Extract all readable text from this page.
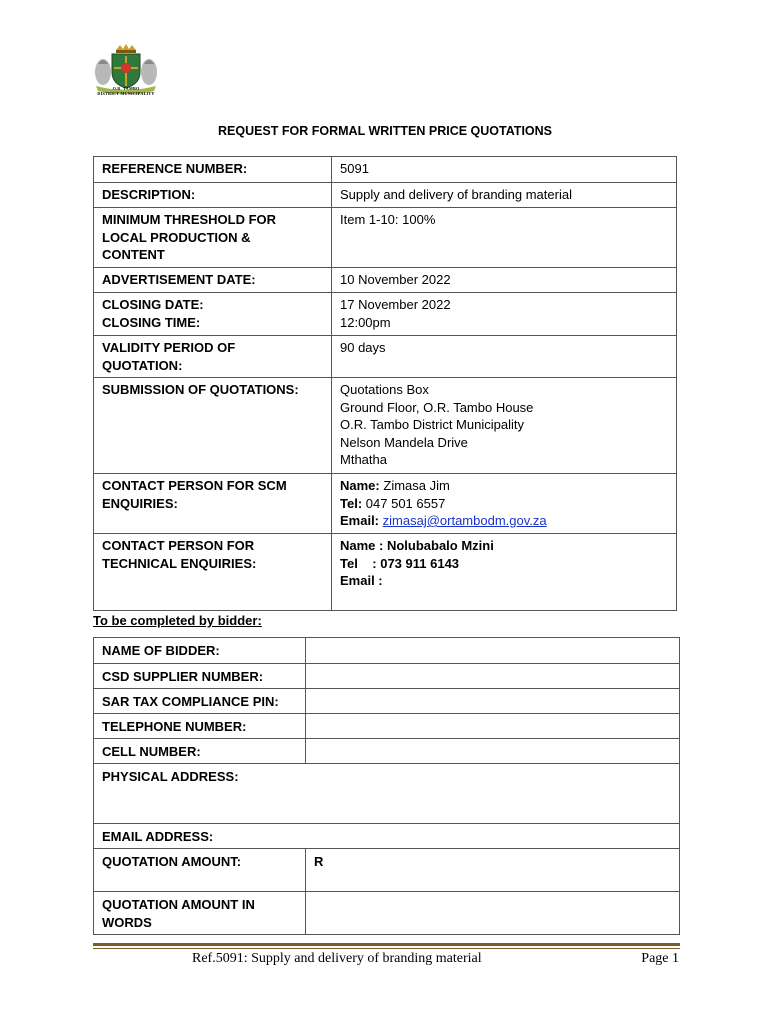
O.R. TAMBO
DISTRICT MUNICIPALITY
REQUEST FOR FORMAL WRITTEN PRICE QUOTATIONS
REFERENCE NUMBER:	5091
DESCRIPTION:	Supply and delivery of branding material

MINIMUM THRESHOLD FOR
LOCAL PRODUCTION &
CONTENT	Item 1-10: 100%
ADVERTISEMENT DATE:	10 November 2022

CLOSING DATE:
CLOSING TIME:	17 November 2022
12:00pm

VALIDITY PERIOD OF
QUOTATION:	90 days
SUBMISSION OF QUOTATIONS:	Quotations Box
Ground Floor, O.R. Tambo House
O.R. Tambo District Municipality
Nelson Mandela Drive
Mthatha

CONTACT PERSON FOR SCM
ENQUIRIES:	Name: Zimasa Jim
Tel: 047 501 6557
Email: zimasaj@ortambodm.gov.za

CONTACT PERSON FOR
TECHNICAL ENQUIRIES:	Name : Nolubabalo Mzini
Tel : 073 911 6143
Email :
To be completed by bidder:
NAME OF BIDDER:	
CSD SUPPLIER NUMBER:	
SAR TAX COMPLIANCE PIN:	
TELEPHONE NUMBER:	
CELL NUMBER:	
PHYSICAL ADDRESS:	
EMAIL ADDRESS:	
QUOTATION AMOUNT:	R

QUOTATION AMOUNT IN
WORDS	

Ref.5091: Supply and delivery of branding material	Page 1
